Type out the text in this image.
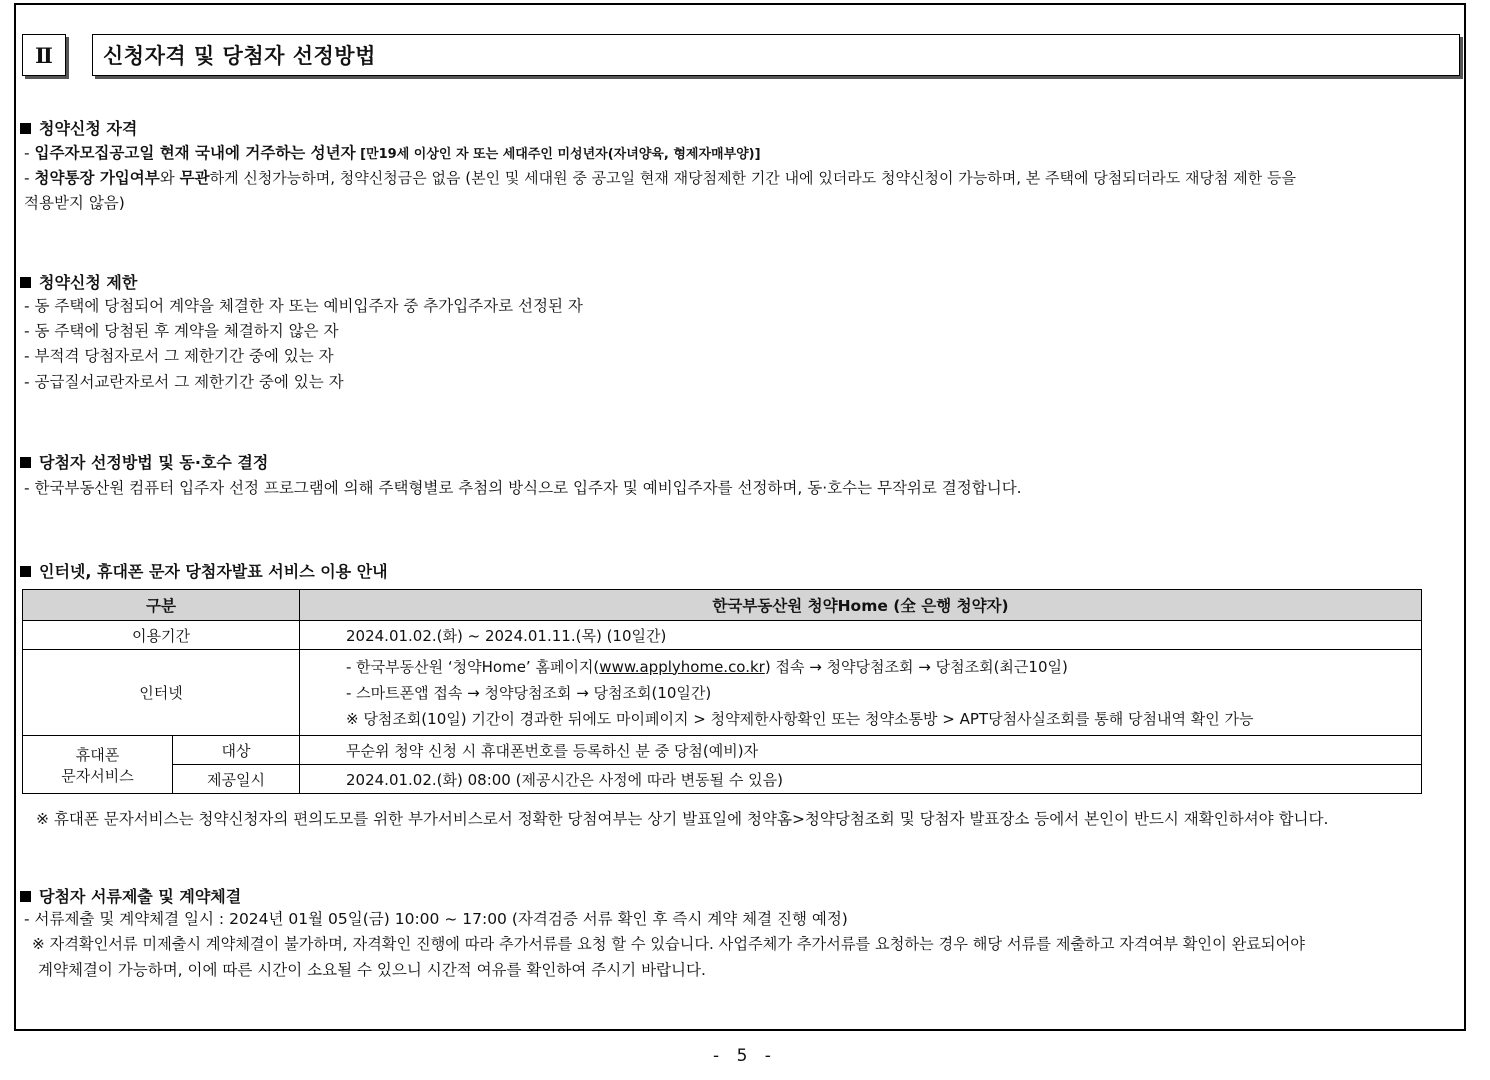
Ⅱ	신청자격 및 당첨자 선정방법
청약신청 자격
- 입주자모집공고일 현재 국내에 거주하는 성년자 [만19세 이상인 자 또는 세대주인 미성년자(자녀양육, 형제자매부양)]
- 청약통장 가입여부와 무관하게 신청가능하며, 청약신청금은 없음 (본인 및 세대원 중 공고일 현재 재당첨제한 기간 내에 있더라도 청약신청이 가능하며, 본 주택에 당첨되더라도 재당첨 제한 등을
적용받지 않음)
청약신청 제한
- 동 주택에 당첨되어 계약을 체결한 자 또는 예비입주자 중 추가입주자로 선정된 자
- 동 주택에 당첨된 후 계약을 체결하지 않은 자
- 부적격 당첨자로서 그 제한기간 중에 있는 자
- 공급질서교란자로서 그 제한기간 중에 있는 자
당첨자 선정방법 및 동·호수 결정
- 한국부동산원 컴퓨터 입주자 선정 프로그램에 의해 주택형별로 추첨의 방식으로 입주자 및 예비입주자를 선정하며, 동·호수는 무작위로 결정합니다.
인터넷, 휴대폰 문자 당첨자발표 서비스 이용 안내
구분		한국부동산원 청약Home (全 은행 청약자)
이용기간		2024.01.02.(화) ~ 2024.01.11.(목) (10일간)
인터넷		- 한국부동산원 ‘청약Home’ 홈페이지(www.applyhome.co.kr) 접속 → 청약당첨조회 → 당첨조회(최근10일)
- 스마트폰앱 접속 → 청약당첨조회 → 당첨조회(10일간)
※ 당첨조회(10일) 기간이 경과한 뒤에도 마이페이지 > 청약제한사항확인 또는 청약소통방 > APT당첨사실조회를 통해 당첨내역 확인 가능

휴대폰
문자서비스	대상	무순위 청약 신청 시 휴대폰번호를 등록하신 분 중 당첨(예비)자
	제공일시	2024.01.02.(화) 08:00 (제공시간은 사정에 따라 변동될 수 있음)
※ 휴대폰 문자서비스는 청약신청자의 편의도모를 위한 부가서비스로서 정확한 당첨여부는 상기 발표일에 청약홈>청약당첨조회 및 당첨자 발표장소 등에서 본인이 반드시 재확인하셔야 합니다.
당첨자 서류제출 및 계약체결
- 서류제출 및 계약체결 일시 : 2024년 01월 05일(금) 10:00 ~ 17:00 (자격검증 서류 확인 후 즉시 계약 체결 진행 예정)
※ 자격확인서류 미제출시 계약체결이 불가하며, 자격확인 진행에 따라 추가서류를 요청 할 수 있습니다. 사업주체가 추가서류를 요청하는 경우 해당 서류를 제출하고 자격여부 확인이 완료되어야
계약체결이 가능하며, 이에 따른 시간이 소요될 수 있으니 시간적 여유를 확인하여 주시기 바랍니다.
- 5 -
